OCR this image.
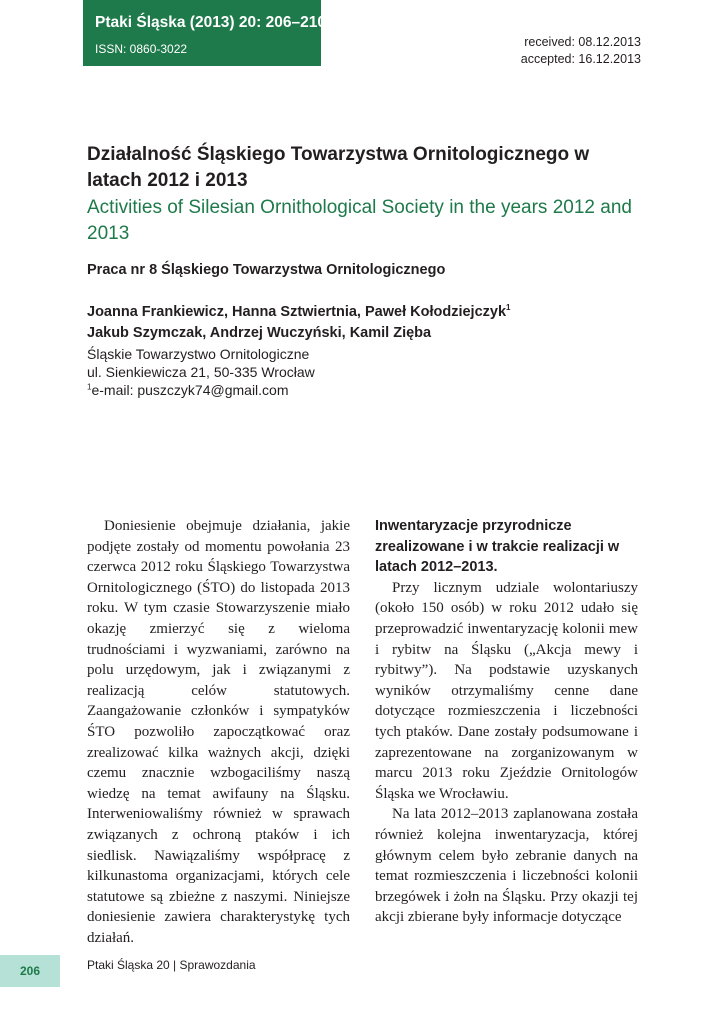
Ptaki Śląska (2013) 20: 206–210
ISSN: 0860-3022	received: 08.12.2013
accepted: 16.12.2013
Działalność Śląskiego Towarzystwa Ornitologicznego w latach 2012 i 2013
Activities of Silesian Ornithological Society in the years 2012 and 2013
Praca nr 8 Śląskiego Towarzystwa Ornitologicznego
Joanna Frankiewicz, Hanna Sztwiertnia, Paweł Kołodziejczyk$^1$
Jakub Szymczak, Andrzej Wuczyński, Kamil Zięba
Śląskie Towarzystwo Ornitologiczne
ul. Sienkiewicza 21, 50-335 Wrocław
$^1$e-mail: puszczyk74@gmail.com

Doniesienie obejmuje działania, jakie podjęte zostały od momentu powołania 23 czerwca 2012 roku Śląskiego Towarzystwa Ornitologicznego (ŚTO) do listopada 2013 roku. W tym czasie Stowarzyszenie miało okazję zmierzyć się z wieloma trudnościami i wyzwaniami, zarówno na polu urzędowym, jak i związanymi z realizacją celów statutowych. Zaangażowanie członków i sympatyków ŚTO pozwoliło zapoczątkować oraz zrealizować kilka ważnych akcji, dzięki czemu znacznie wzbogaciliśmy naszą wiedzę na temat awifauny na Śląsku. Interweniowaliśmy również w sprawach związanych z ochroną ptaków i ich siedlisk. Nawiązaliśmy współpracę z kilkunastoma organizacjami, których cele statutowe są zbieżne z naszymi. Niniejsze doniesienie zawiera charakterystykę tych działań.

Inwentaryzacje przyrodnicze zrealizowane i w trakcie realizacji w latach 2012–2013.

Przy licznym udziale wolontariuszy (około 150 osób) w roku 2012 udało się przeprowadzić inwentaryzację kolonii mew i rybitw na Śląsku („Akcja mewy i rybitwy”). Na podstawie uzyskanych wyników otrzymaliśmy cenne dane dotyczące rozmieszczenia i liczebności tych ptaków. Dane zostały podsumowane i zaprezentowane na zorganizowanym w marcu 2013 roku Zjeździe Ornitologów Śląska we Wrocławiu.

Na lata 2012–2013 zaplanowana została również kolejna inwentaryzacja, której głównym celem było zebranie danych na temat rozmieszczenia i liczebności kolonii brzegówek i żołn na Śląsku. Przy okazji tej akcji zbierane były informacje dotyczące

206	Ptaki Śląska 20 | Sprawozdania
